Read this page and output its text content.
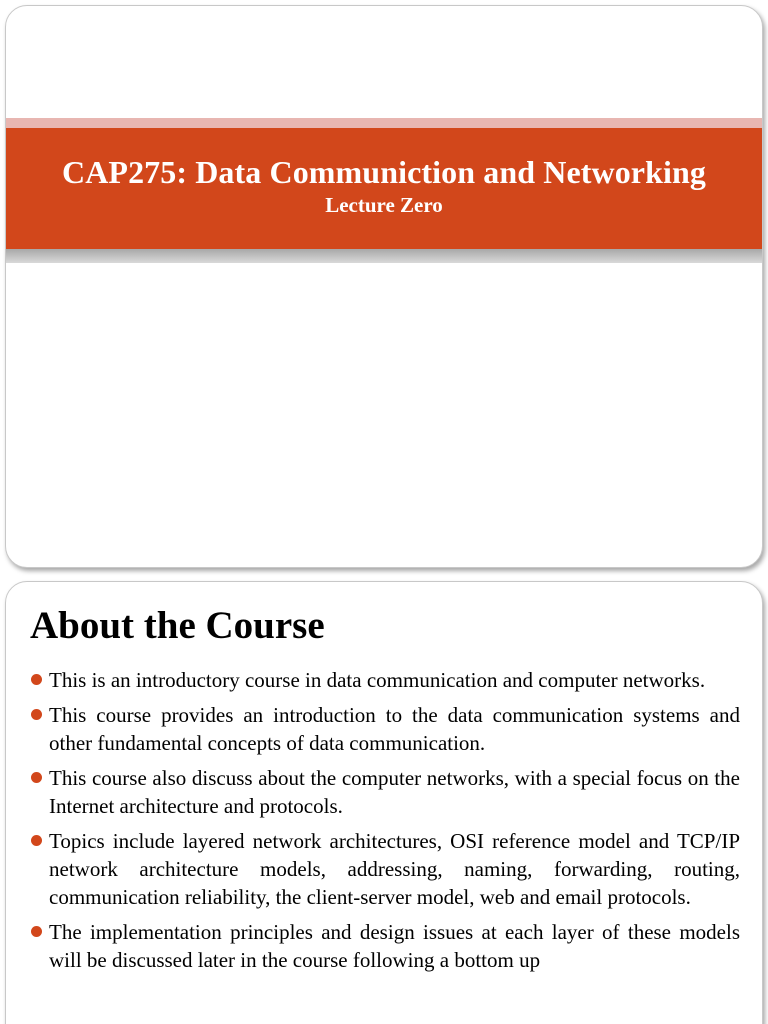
CAP275: Data Communiction and Networking

Lecture Zero

About the Course
This is an introductory course in data communication and computer networks.
This course provides an introduction to the data communication systems and other fundamental concepts of data communication.
This course also discuss about the computer networks, with a special focus on the Internet architecture and protocols.
Topics include layered network architectures, OSI reference model and TCP/IP network architecture models, addressing, naming, forwarding, routing, communication reliability, the client-server model, web and email protocols.
The implementation principles and design issues at each layer of these models will be discussed later in the course following a bottom up
